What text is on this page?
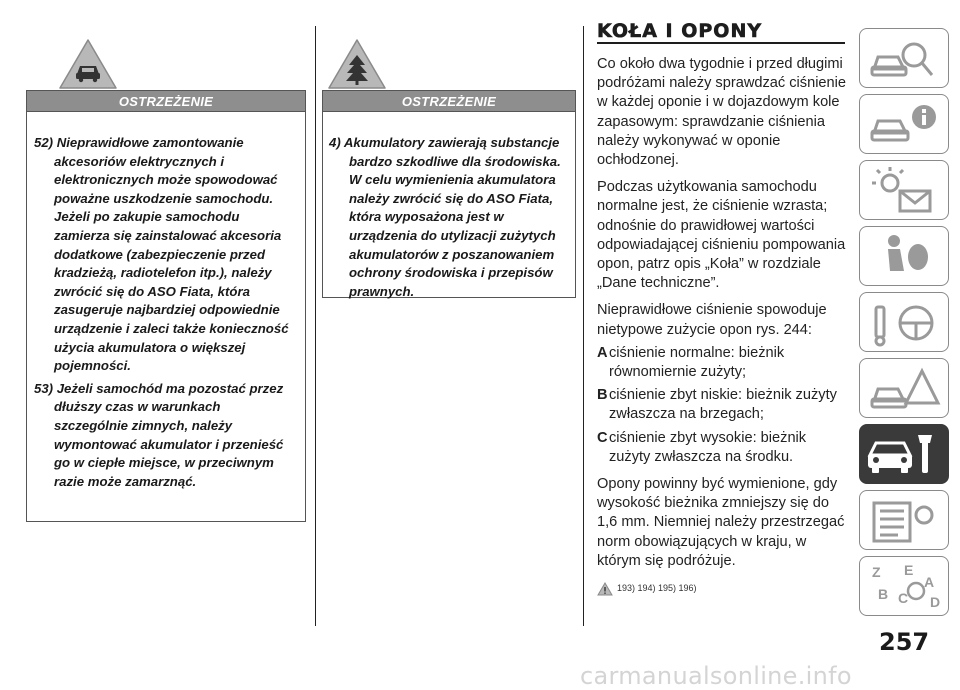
OSTRZEŻENIE
52) Nieprawidłowe zamontowanie akcesoriów elektrycznych i elektronicznych może spowodować poważne uszkodzenie samochodu. Jeżeli po zakupie samochodu zamierza się zainstalować akcesoria dodatkowe (zabezpieczenie przed kradzieżą, radiotelefon itp.), należy zwrócić się do ASO Fiata, która zasugeruje najbardziej odpowiednie urządzenie i zaleci także konieczność użycia akumulatora o większej pojemności.
53) Jeżeli samochód ma pozostać przez dłuższy czas w warunkach szczególnie zimnych, należy wymontować akumulator i przenieść go w ciepłe miejsce, w przeciwnym razie może zamarznąć.
OSTRZEŻENIE
4) Akumulatory zawierają substancje bardzo szkodliwe dla środowiska. W celu wymienienia akumulatora należy zwrócić się do ASO Fiata, która wyposażona jest w urządzenia do utylizacji zużytych akumulatorów z poszanowaniem ochrony środowiska i przepisów prawnych.
KOŁA I OPONY

Co około dwa tygodnie i przed długimi podróżami należy sprawdzać ciśnienie w każdej oponie i w dojazdowym kole zapasowym: sprawdzanie ciśnienia należy wykonywać w oponie ochłodzonej.

Podczas użytkowania samochodu normalne jest, że ciśnienie wzrasta; odnośnie do prawidłowej wartości odpowiadającej ciśnieniu pompowania opon, patrz opis „Koła” w rozdziale „Dane techniczne”.

Nieprawidłowe ciśnienie spowoduje nietypowe zużycie opon rys. 244:

A ciśnienie normalne: bieżnik równomiernie zużyty;
B ciśnienie zbyt niskie: bieżnik zużyty zwłaszcza na brzegach;
C ciśnienie zbyt wysokie: bieżnik zużyty zwłaszcza na środku.

Opony powinny być wymienione, gdy wysokość bieżnika zmniejszy się do 1,6 mm. Niemniej należy przestrzegać norm obowiązujących w kraju, w którym się podróżuje.

193) 194) 195) 196)
Z E
A
B C D
257
carmanualsonline.info
